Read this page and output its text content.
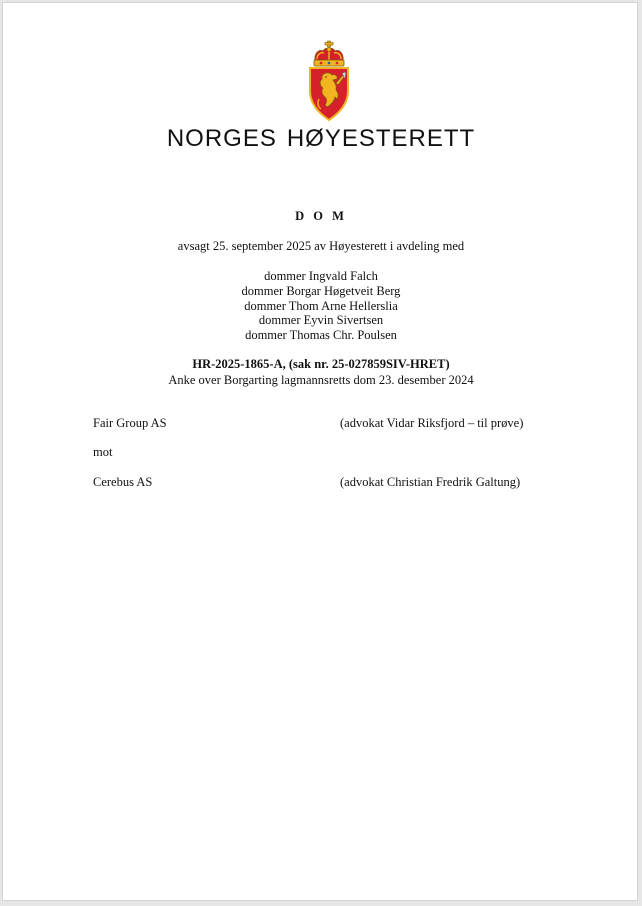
NORGES HØYESTERETT
D O M
avsagt 25. september 2025 av Høyesterett i avdeling med
dommer Ingvald Falch
dommer Borgar Høgetveit Berg
dommer Thom Arne Hellerslia
dommer Eyvin Sivertsen
dommer Thomas Chr. Poulsen
HR-2025-1865-A, (sak nr. 25-027859SIV-HRET)
Anke over Borgarting lagmannsretts dom 23. desember 2024
Fair Group AS	(advokat Vidar Riksfjord – til prøve)
mot
Cerebus AS	(advokat Christian Fredrik Galtung)
